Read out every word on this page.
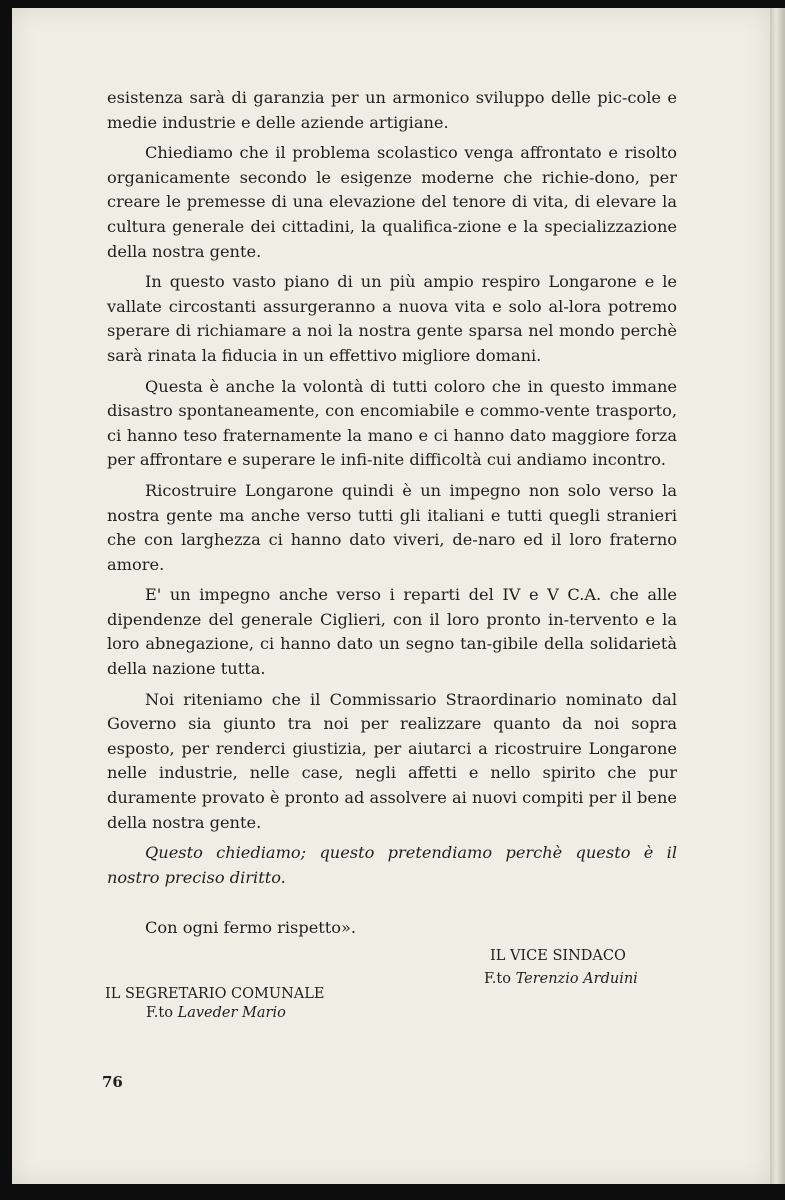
esistenza sarà di garanzia per un armonico sviluppo delle pic-cole e medie industrie e delle aziende artigiane.

Chiediamo che il problema scolastico venga affrontato e risolto organicamente secondo le esigenze moderne che richie-dono, per creare le premesse di una elevazione del tenore di vita, di elevare la cultura generale dei cittadini, la qualifica-zione e la specializzazione della nostra gente.

In questo vasto piano di un più ampio respiro Longarone e le vallate circostanti assurgeranno a nuova vita e solo al-lora potremo sperare di richiamare a noi la nostra gente sparsa nel mondo perchè sarà rinata la fiducia in un effettivo migliore domani.

Questa è anche la volontà di tutti coloro che in questo immane disastro spontaneamente, con encomiabile e commo-vente trasporto, ci hanno teso fraternamente la mano e ci hanno dato maggiore forza per affrontare e superare le infi-nite difficoltà cui andiamo incontro.

Ricostruire Longarone quindi è un impegno non solo verso la nostra gente ma anche verso tutti gli italiani e tutti quegli stranieri che con larghezza ci hanno dato viveri, de-naro ed il loro fraterno amore.

E' un impegno anche verso i reparti del IV e V C.A. che alle dipendenze del generale Ciglieri, con il loro pronto in-tervento e la loro abnegazione, ci hanno dato un segno tan-gibile della solidarietà della nazione tutta.

Noi riteniamo che il Commissario Straordinario nominato dal Governo sia giunto tra noi per realizzare quanto da noi sopra esposto, per renderci giustizia, per aiutarci a ricostruire Longarone nelle industrie, nelle case, negli affetti e nello spirito che pur duramente provato è pronto ad assolvere ai nuovi compiti per il bene della nostra gente.

Questo chiediamo; questo pretendiamo perchè questo è il nostro preciso diritto.

Con ogni fermo rispetto».
IL VICE SINDACO
F.to Terenzio Arduini
IL SEGRETARIO COMUNALE
F.to Laveder Mario
76
